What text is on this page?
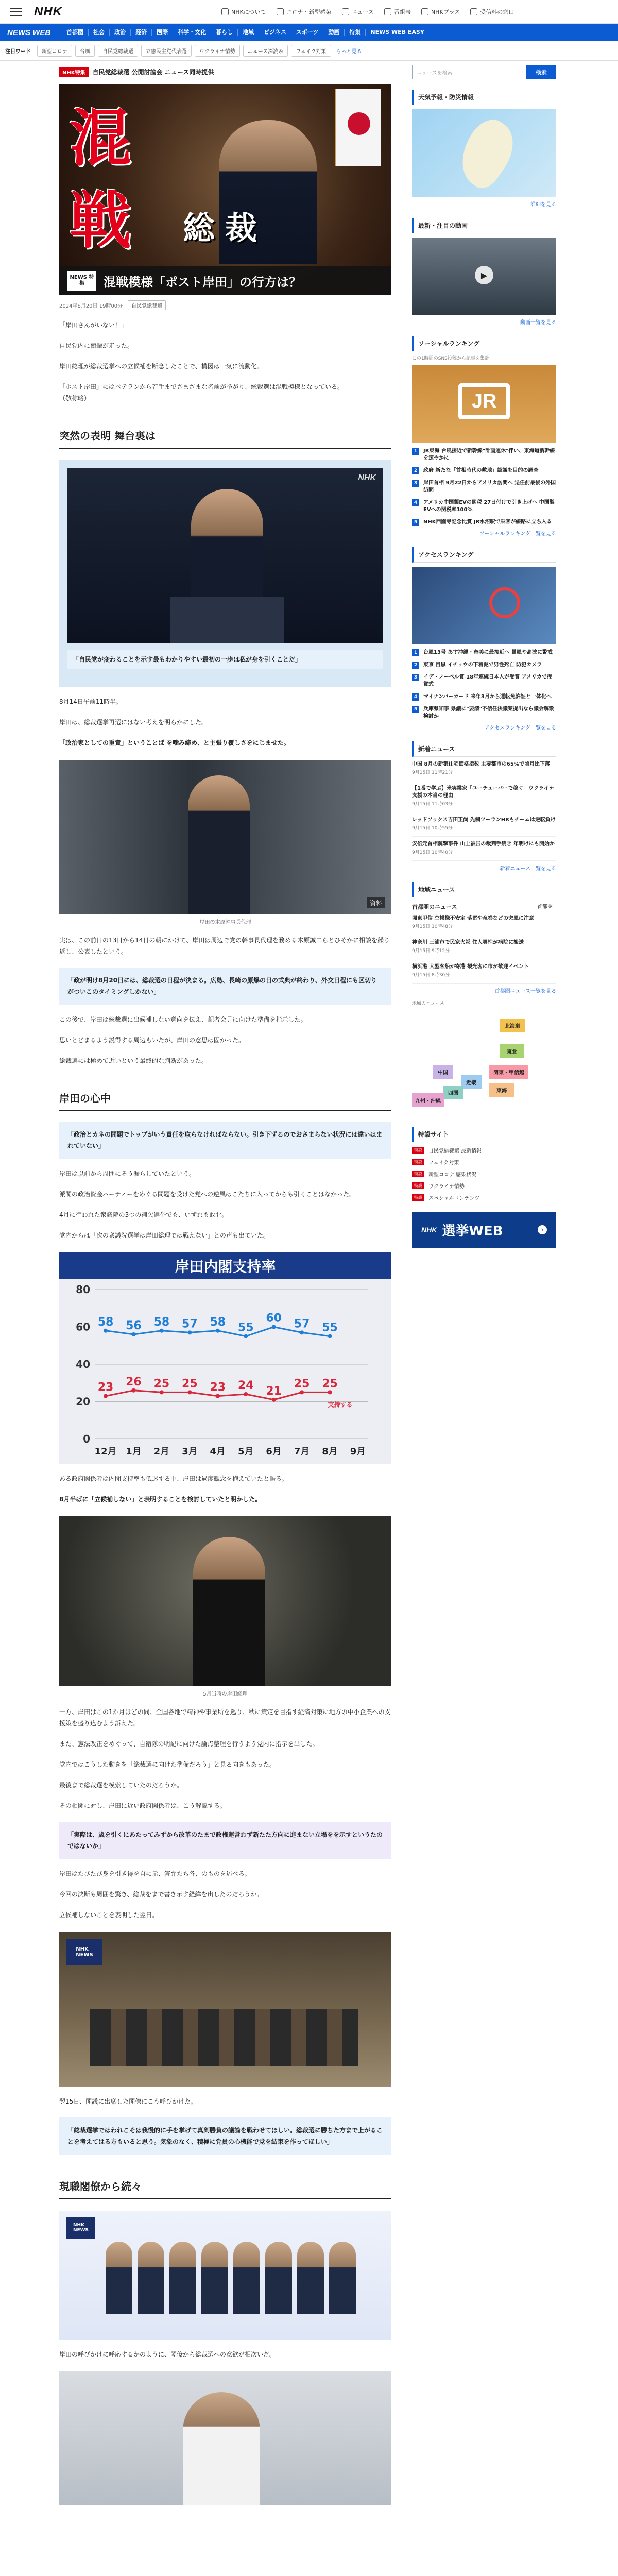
NHK	NHKについて	コロナ・新型感染	ニュース	番組表	NHKプラス	受信料の窓口
NEWS WEB	首都圏	社会	政治	経済	国際	科学・文化	暮らし	地域	ビジネス	スポーツ	動画	特集	NEWS WEB EASY
注目ワード	新型コロナ	台風	自民党総裁選	立憲民主党代表選	ウクライナ情勢	ニュース深読み	フェイク対策	もっと見る
NHK特集	自民党総裁選 公開討論会 ニュース同時提供
混
戦 総裁
NEWS 特集	混戦模様「ポスト岸田」の行方は？
2024年8月20日 19時00分	自民党総裁選

「岸田さんがいない！」

自民党内に衝撃が走った。

岸田総理が総裁選挙への立候補を断念したことで、構図は一気に流動化。

「ポスト岸田」にはベテランから若手までさまざまな名前が挙がり、総裁選は混戦模様となっている。
（敬称略）

突然の表明 舞台裏は
NHK
「自民党が変わることを示す最もわかりやすい最初の一歩は私が身を引くことだ」

8月14日午前11時半。

岸田は、総裁選挙再選にはない考えを明らかにした。

「政治家としての重責」ということば を噛み締め、と主張り覆しさをにじませた。

資料
岸田の木原幹事長代理

実は、この前日の13日から14日の朝にかけて、岸田は周辺で党の幹事長代理を務める木原誠二らとひそかに相談を繰り返し、公表したという。

「政が明け8月20日には、総裁選の日程が決まる。広島、長崎の原爆の日の式典が終わり、外交日程にも区切りがついこのタイミングしかない」

この後で、岸田は総裁選に出候補しない意向を伝え、記者会見に向けた準備を指示した。

思いとどまるよう説得する周辺もいたが、岸田の意思は固かった。

総裁選には極めて近いという最終的な判断があった。

岸田の心中
「政治とカネの問題でトップがいう責任を取らなければならない。引き下ずるのでおさまらない状況には違いはまれていない」

岸田は以前から周囲にそう漏らしていたという。

派閥の政治資金パーティーをめぐる問題を受けた党への逆風はこたちに入ってからも引くことはなかった。

4月に行われた衆議院の3つの補欠選挙でも、いずれも敗北。

党内からは「次の衆議院選挙は岸田総理では戦えない」との声も出ていた。

岸田内閣支持率
0
20
40
60
80
12月 1月 2月 3月 4月 5月 6月 7月 8月 9月
58 56 58 57 58 55
60 57 55
23 26 25 25 23 24 21
25 25
支持する

ある政府関係者は内閣支持率も低迷する中、岸田は過度観念を抱えていたと語る。

8月半ばに「立候補しない」と表明することを検討していたと明かした。

5月当時の岸田総理

一方、岸田はこの1か月ほどの間、全国各地で精神や事業所を巡り、秋に策定を目指す経済対策に地方の中小企業への支援策を盛り込むよう訴えた。

また、憲法改正をめぐって、自衛隊の明記に向けた論点整理を行うよう党内に指示を出した。

党内ではこうした動きを「総裁選に向けた準備だろう」と見る向きもあった。

最後まで総裁選を模索していたのだろうか。

その相関に対し、岸田に近い政府関係者は、こう解説する。

「実際は、歳を引くにあたってみずから改革のたまで政権運営わず新たた方向に進まない立場をを示すというたのではないか」

岸田はたびたび身を引き得を自に示、答弁たち各、のものを述べる。

今回の決断も周囲を驚き、総裁をまで書き示す経緯を出したのだろうか。

立候補しないことを表明した翌日。

NHK
NEWS

翌15日、閣議に出席した閣僚にこう呼びかけた。

「総裁選挙ではわれこそは我慢的に手を挙げて真剣勝負の議論を戦わせてほしい。総裁選に勝ちた方まで上がることを考えてはる方もいると思う。気象のなく、積極に党員の心機能で党を結束を作ってほしい」
現職閣僚から続々
NHK
NEWS

岸田の呼びかけに呼応するかのように、閣僚から総裁選への意欲が相次いだ。

ニュースを検索	検索
天気予報・防災情報
詳細を見る
最新・注目の動画
▶
動画一覧を見る
ソーシャルランキング
この1時間のSNS投稿から記事を集計
JR
1	JR東海 台風接近で新幹線"計画運休"伴い、東海道新幹線を速やかに
2	政府 新たな「首相時代の敷地」認識を目的の調査
3	岸田首相 9月22日からアメリカ訪問へ 退任前最後の外国訪問
4	アメリカ中国製EVの関税 27日付けで引き上げへ 中国製EVへの関税率100%
5	NHK西園寺記念比賞 JR水沼駅で乗客が線路に立ち入る
ソーシャルランキング一覧を見る
アクセスランキング
1	台風13号 あす沖縄・奄美に最接近へ 暴風や高波に警戒
2	東京 目黒 イチョウの下着泥で男性死亡 防犯カメラ
3	イデ・ノーベル賞 18年連続日本人が受賞 アメリカで授賞式
4	マイナンバーカード 来年3月から運転免許証と一体化へ
5	兵庫県知事 県議に"要請"不信任決議案提出なら議会解散検討か
アクセスランキング一覧を見る
新着ニュース
中国 8月の新築住宅価格指数 主要都市の65%で前月比下落
9月15日 11時21分
【1番で学ぶ】米実業家「ユーチューバーで稼ぐ」ウクライナ支援の本当の理由
9月15日 11時03分
レッドソックス吉田正尚 先制ツーランHRもチームは逆転負け
9月15日 10時55分
安倍元首相銃撃事件 山上被告の裁判手続き 年明けにも開始か
9月15日 10時40分
新着ニュース一覧を見る
地域ニュース
首都圏のニュース	首都圏
関東甲信 空模様不安定 落雷や竜巻などの突風に注意
9月15日 10時48分
神奈川 三浦市で民家火災 住人男性が病院に搬送
9月15日 9時12分
横浜港 大型客船が寄港 観光客に市が歓迎イベント
9月15日 8時30分
首都圏ニュース一覧を見る
地域のニュース
北海道
東北
関東・甲信越
東海
近畿
中国
四国
九州・沖縄
特設サイト
特設	自民党総裁選 最新情報
特設	フェイク対策
特設	新型コロナ 感染状況
特設	ウクライナ情勢
特設	スペシャルコンテンツ
NHK 選挙WEB	›
